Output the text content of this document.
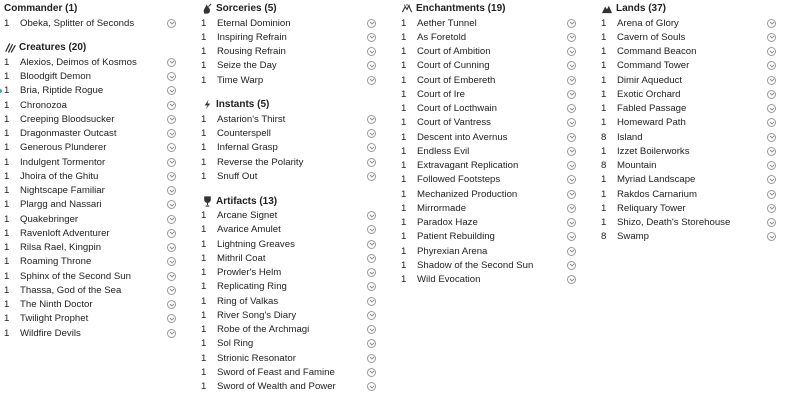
Commander (1)
1	Obeka, Splitter of Seconds
Creatures (20)
1	Alexios, Deimos of Kosmos
1	Bloodgift Demon
1	Bria, Riptide Rogue
1	Chronozoa
1	Creeping Bloodsucker
1	Dragonmaster Outcast
1	Generous Plunderer
1	Indulgent Tormentor
1	Jhoira of the Ghitu
1	Nightscape Familiar
1	Plargg and Nassari
1	Quakebringer
1	Ravenloft Adventurer
1	Rilsa Rael, Kingpin
1	Roaming Throne
1	Sphinx of the Second Sun
1	Thassa, God of the Sea
1	The Ninth Doctor
1	Twilight Prophet
1	Wildfire Devils
Sorceries (5)
1	Eternal Dominion
1	Inspiring Refrain
1	Rousing Refrain
1	Seize the Day
1	Time Warp
Instants (5)
1	Astarion's Thirst
1	Counterspell
1	Infernal Grasp
1	Reverse the Polarity
1	Snuff Out
Artifacts (13)
1	Arcane Signet
1	Avarice Amulet
1	Lightning Greaves
1	Mithril Coat
1	Prowler's Helm
1	Replicating Ring
1	Ring of Valkas
1	River Song's Diary
1	Robe of the Archmagi
1	Sol Ring
1	Strionic Resonator
1	Sword of Feast and Famine
1	Sword of Wealth and Power
Enchantments (19)
1	Aether Tunnel
1	As Foretold
1	Court of Ambition
1	Court of Cunning
1	Court of Embereth
1	Court of Ire
1	Court of Locthwain
1	Court of Vantress
1	Descent into Avernus
1	Endless Evil
1	Extravagant Replication
1	Followed Footsteps
1	Mechanized Production
1	Mirrormade
1	Paradox Haze
1	Patient Rebuilding
1	Phyrexian Arena
1	Shadow of the Second Sun
1	Wild Evocation
Lands (37)
1	Arena of Glory
1	Cavern of Souls
1	Command Beacon
1	Command Tower
1	Dimir Aqueduct
1	Exotic Orchard
1	Fabled Passage
1	Homeward Path
8	Island
1	Izzet Boilerworks
8	Mountain
1	Myriad Landscape
1	Rakdos Carnarium
1	Reliquary Tower
1	Shizo, Death's Storehouse
8	Swamp
